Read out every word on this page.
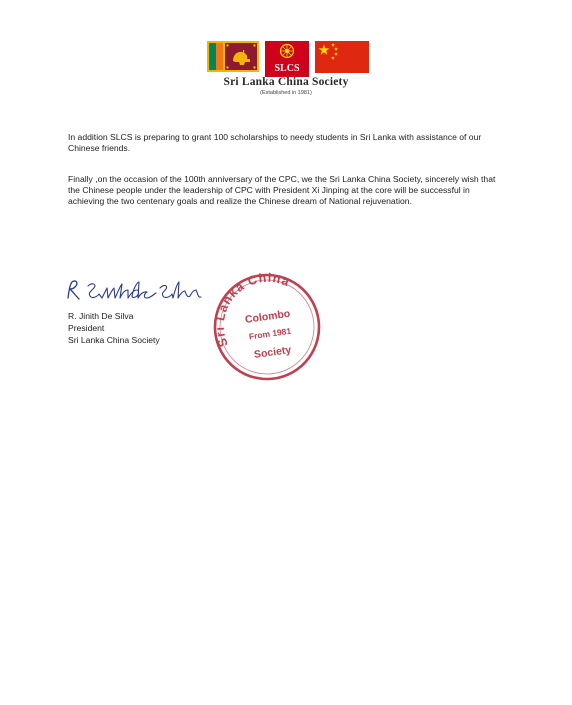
SLCS
Sri Lanka China Society
(Established in 1981)

In addition SLCS is preparing to grant 100 scholarships to needy students in Sri Lanka with assistance of our Chinese friends.

Finally ,on the occasion of the 100th anniversary of the CPC, we the Sri Lanka China Society, sincerely wish that the Chinese people under the leadership of CPC with President Xi Jinping at the core will be successful in achieving the two centenary goals and realize the Chinese dream of National rejuvenation.

R. Jinith De Silva
President
Sri Lanka China Society	Sri Lanka China
Colombo
From 1981
Society
